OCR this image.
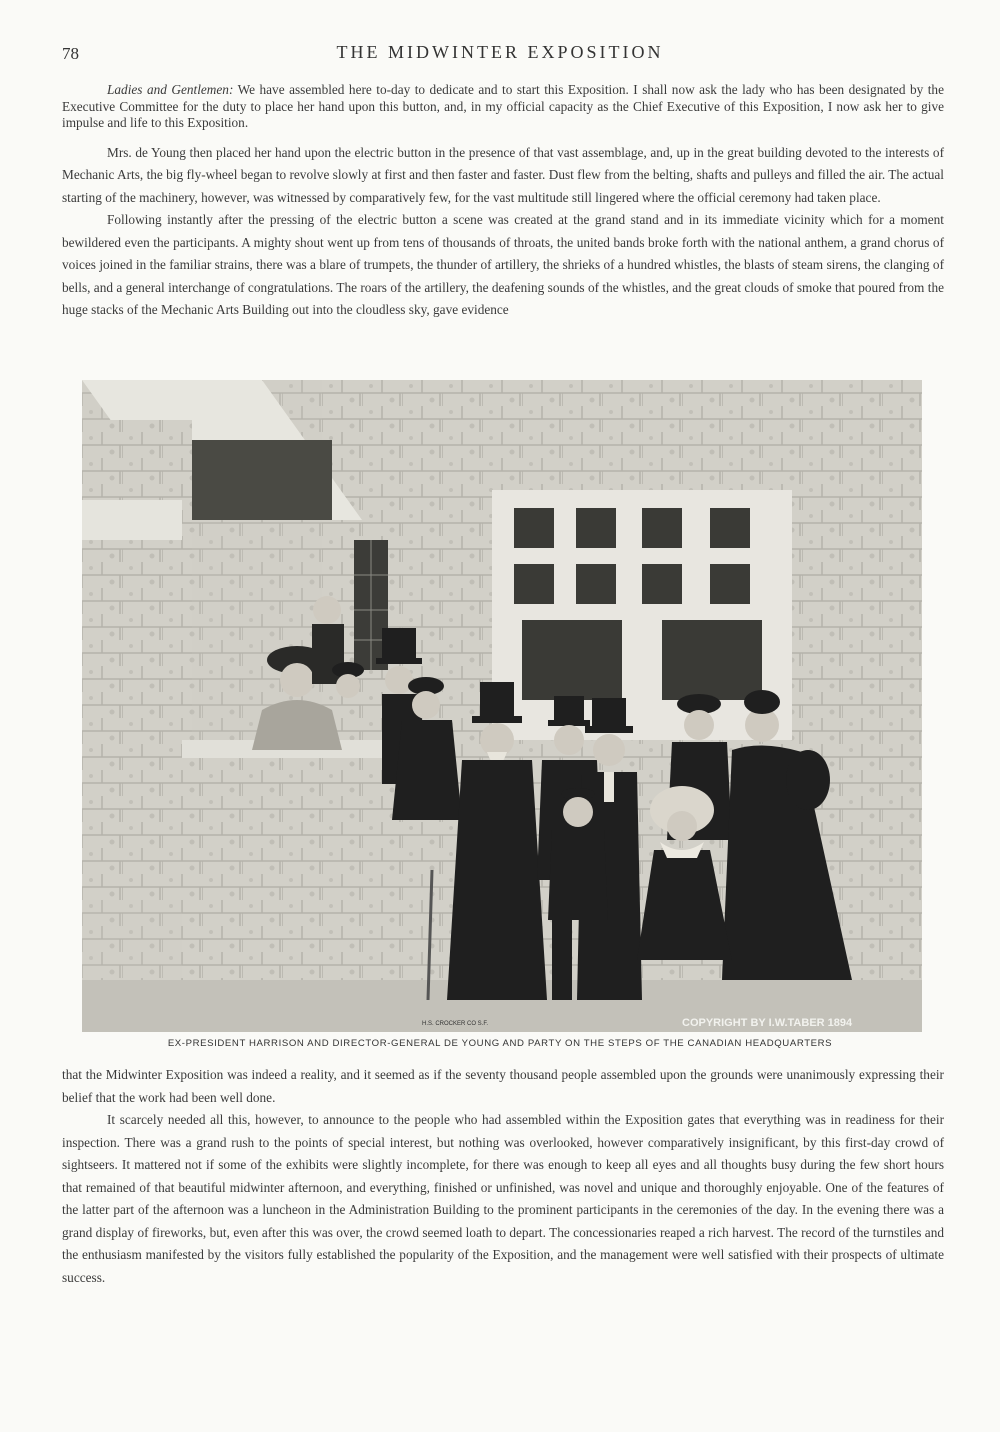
78	THE MIDWINTER EXPOSITION

Ladies and Gentlemen: We have assembled here to-day to dedicate and to start this Exposition. I shall now ask the lady who has been designated by the Executive Committee for the duty to place her hand upon this button, and, in my official capacity as the Chief Executive of this Exposition, I now ask her to give impulse and life to this Exposition.

Mrs. de Young then placed her hand upon the electric button in the presence of that vast assemblage, and, up in the great building devoted to the interests of Mechanic Arts, the big fly-wheel began to revolve slowly at first and then faster and faster. Dust flew from the belting, shafts and pulleys and filled the air. The actual starting of the machinery, however, was witnessed by comparatively few, for the vast multitude still lingered where the official ceremony had taken place.

Following instantly after the pressing of the electric button a scene was created at the grand stand and in its immediate vicinity which for a moment bewildered even the participants. A mighty shout went up from tens of thousands of throats, the united bands broke forth with the national anthem, a grand chorus of voices joined in the familiar strains, there was a blare of trumpets, the thunder of artillery, the shrieks of a hundred whistles, the blasts of steam sirens, the clanging of bells, and a general interchange of congratulations. The roars of the artillery, the deafening sounds of the whistles, and the great clouds of smoke that poured from the huge stacks of the Mechanic Arts Building out into the cloudless sky, gave evidence

H.S. CROCKER CO S.F.	COPYRIGHT BY I.W.TABER 1894
EX-PRESIDENT HARRISON AND DIRECTOR-GENERAL DE YOUNG AND PARTY ON THE STEPS OF THE CANADIAN HEADQUARTERS

that the Midwinter Exposition was indeed a reality, and it seemed as if the seventy thousand people assembled upon the grounds were unanimously expressing their belief that the work had been well done.

It scarcely needed all this, however, to announce to the people who had assembled within the Exposition gates that everything was in readiness for their inspection. There was a grand rush to the points of special interest, but nothing was overlooked, however comparatively insignificant, by this first-day crowd of sightseers. It mattered not if some of the exhibits were slightly incomplete, for there was enough to keep all eyes and all thoughts busy during the few short hours that remained of that beautiful midwinter afternoon, and everything, finished or unfinished, was novel and unique and thoroughly enjoyable. One of the features of the latter part of the afternoon was a luncheon in the Administration Building to the prominent participants in the ceremonies of the day. In the evening there was a grand display of fireworks, but, even after this was over, the crowd seemed loath to depart. The concessionaries reaped a rich harvest. The record of the turnstiles and the enthusiasm manifested by the visitors fully established the popularity of the Exposition, and the management were well satisfied with their prospects of ultimate success.
